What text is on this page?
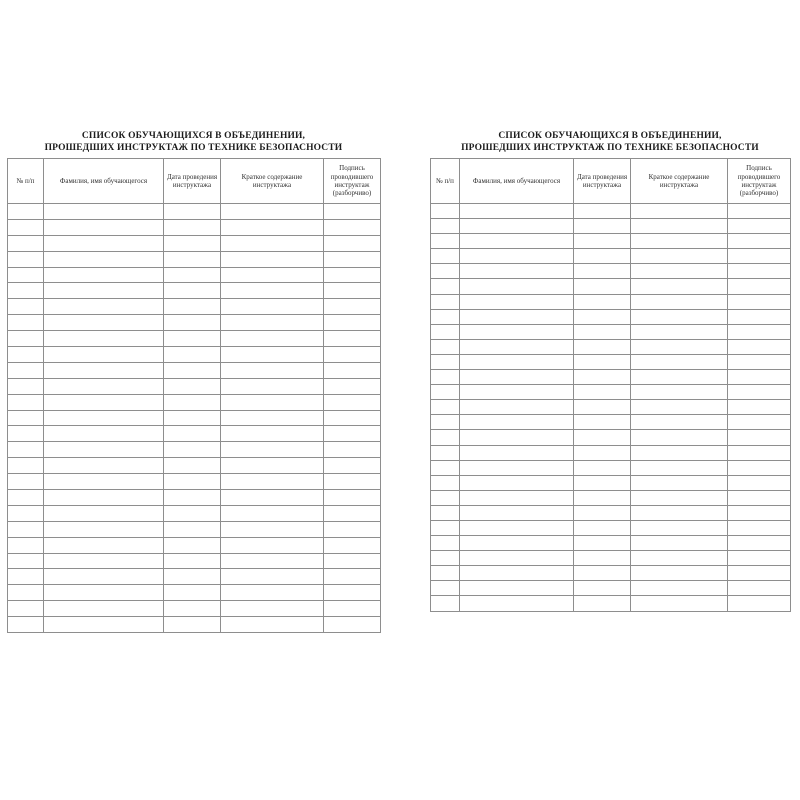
СПИСОК ОБУЧАЮЩИХСЯ В ОБЪЕДИНЕНИИ,
ПРОШЕДШИХ ИНСТРУКТАЖ ПО ТЕХНИКЕ БЕЗОПАСНОСТИ
№ п/п	Фамилия, имя обучающегося	Дата проведения инструктажа	Краткое содержание инструктажа	Подпись проводившего инструктаж (разборчиво)

СПИСОК ОБУЧАЮЩИХСЯ В ОБЪЕДИНЕНИИ,
ПРОШЕДШИХ ИНСТРУКТАЖ ПО ТЕХНИКЕ БЕЗОПАСНОСТИ
№ п/п	Фамилия, имя обучающегося	Дата проведения инструктажа	Краткое содержание инструктажа	Подпись проводившего инструктаж (разборчиво)
